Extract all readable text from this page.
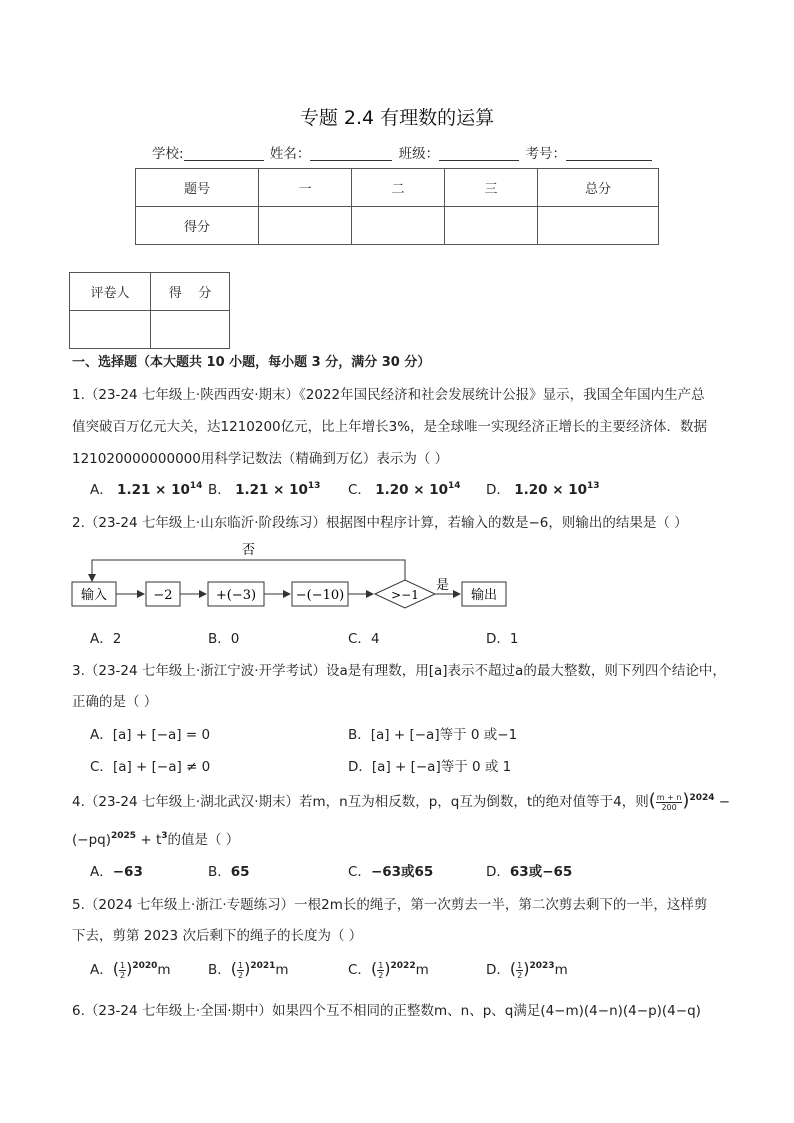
专题 2.4 有理数的运算
学校:	姓名：	班级：	考号：
题号	一	二	三	总分
得分				
评卷人	得    分

一、选择题（本大题共 10 小题，每小题 3 分，满分 30 分）
1.（23-24 七年级上·陕西西安·期末）《2022年国民经济和社会发展统计公报》显示，我国全年国内生产总
值突破百万亿元大关，达1210200亿元，比上年增长3%，是全球唯一实现经济正增长的主要经济体．数据
121020000000000用科学记数法（精确到万亿）表示为（ ）
A． $1.21 \times 10^{14}$ B． $1.21 \times 10^{13}$ C． $1.20 \times 10^{14}$ D． $1.20 \times 10^{13}$
2.（23-24 七年级上·山东临沂·阶段练习）根据图中程序计算，若输入的数是−6，则输出的结果是（ ）
否
输入	−2	+(−3)	−(−10)	>−1
是
输出
A．2	B．0	C．4	D．1
3.（23-24 七年级上·浙江宁波·开学考试）设a是有理数，用[a]表示不超过a的最大整数，则下列四个结论中，
正确的是（ ）
A．[a] + [−a] = 0	B．[a] + [−a]等于 0 或−1
C．[a] + [−a] ≠ 0	D．[a] + [−a]等于 0 或 1
4.（23-24 七年级上·湖北武汉·期末）若m，n互为相反数，p，q互为倒数，t的绝对值等于4，则( $\frac{m + n}{200} )^{2024}$ −
$(-pq)^{2025} + t^3$的值是（ ）
A．−63	B．65	C．−63或65	D．63或−65
5.（2024 七年级上·浙江·专题练习）一根2m长的绳子，第一次剪去一半，第二次剪去剩下的一半，这样剪
下去，剪第 2023 次后剩下的绳子的长度为（ ）
A．( $\frac{1}{2} )^{2020}m$	B．( $\frac{1}{2} )^{2021}m$	C．( $\frac{1}{2} )^{2022}m$	D．( $\frac{1}{2} )^{2023}m$
6.（23-24 七年级上·全国·期中）如果四个互不相同的正整数m、n、p、q满足(4−m)(4−n)(4−p)(4−q)
